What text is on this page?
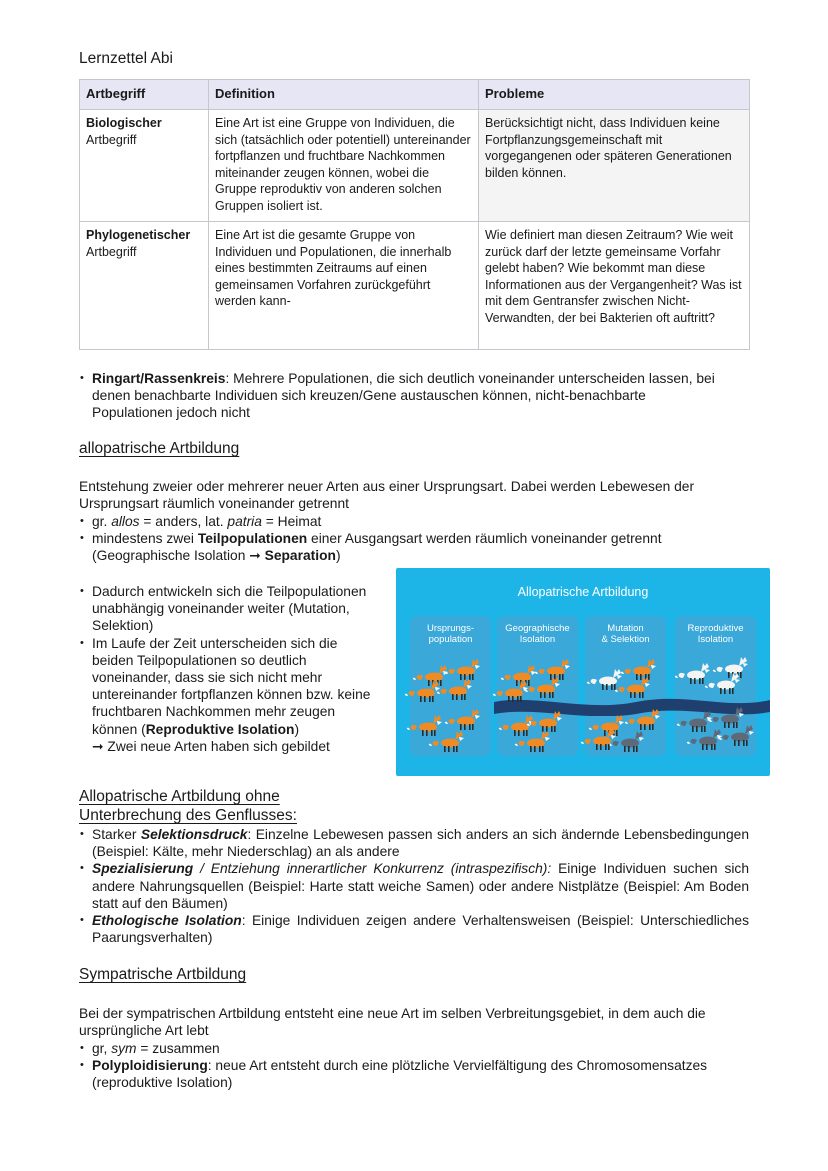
Lernzettel Abi
Artbegriff	Definition	Probleme

Biologischer
Artbegriff	Eine Art ist eine Gruppe von Individuen, die sich (tatsächlich oder potentiell) untereinander fortpflanzen und fruchtbare Nachkommen miteinander zeugen können, wobei die Gruppe reproduktiv von anderen solchen Gruppen isoliert ist.	Berücksichtigt nicht, dass Individuen keine Fortpflanzungsgemeinschaft mit vorgegangenen oder späteren Generationen bilden können.

Phylogenetischer
Artbegriff	Eine Art ist die gesamte Gruppe von Individuen und Populationen, die innerhalb eines bestimmten Zeitraums auf einen gemeinsamen Vorfahren zurückgeführt werden kann-	Wie definiert man diesen Zeitraum? Wie weit zurück darf der letzte gemeinsame Vorfahr gelebt haben? Wie bekommt man diese Informationen aus der Vergangenheit? Was ist mit dem Gentransfer zwischen Nicht-Verwandten, der bei Bakterien oft auftritt?
• Ringart/Rassenkreis: Mehrere Populationen, die sich deutlich voneinander unterscheiden lassen, bei denen benachbarte Individuen sich kreuzen/Gene austauschen können, nicht-benachbarte Populationen jedoch nicht
allopatrische Artbildung
Entstehung zweier oder mehrerer neuer Arten aus einer Ursprungsart. Dabei werden Lebewesen der Ursprungsart räumlich voneinander getrennt
• gr. allos = anders, lat. patria = Heimat
• mindestens zwei Teilpopulationen einer Ausgangsart werden räumlich voneinander getrennt (Geographische Isolation ➞ Separation)
• Dadurch entwickeln sich die Teilpopulationen unabhängig voneinander weiter (Mutation, Selektion)
• Im Laufe der Zeit unterscheiden sich die beiden Teilpopulationen so deutlich voneinander, dass sie sich nicht mehr untereinander fortpflanzen können bzw. keine fruchtbaren Nachkommen mehr zeugen können (Reproduktive Isolation)
➞ Zwei neue Arten haben sich gebildet
Allopatrische Artbildung ohne
Unterbrechung des Genflusses:
• Starker Selektionsdruck: Einzelne Lebewesen passen sich anders an sich ändernde Lebensbedingungen (Beispiel: Kälte, mehr Niederschlag) an als andere
• Spezialisierung / Entziehung innerartlicher Konkurrenz (intraspezifisch): Einige Individuen suchen sich andere Nahrungsquellen (Beispiel: Harte statt weiche Samen) oder andere Nistplätze (Beispiel: Am Boden statt auf den Bäumen)
• Ethologische Isolation: Einige Individuen zeigen andere Verhaltensweisen (Beispiel: Unterschiedliches Paarungsverhalten)
Sympatrische Artbildung
Bei der sympatrischen Artbildung entsteht eine neue Art im selben Verbreitungsgebiet, in dem auch die ursprüngliche Art lebt
• gr, sym = zusammen
• Polyploidisierung: neue Art entsteht durch eine plötzliche Vervielfältigung des Chromosomensatzes (reproduktive Isolation)
Allopatrische Artbildung
Ursprungs-
population
Geographische
Isolation
Mutation
& Selektion
Reproduktive
Isolation
